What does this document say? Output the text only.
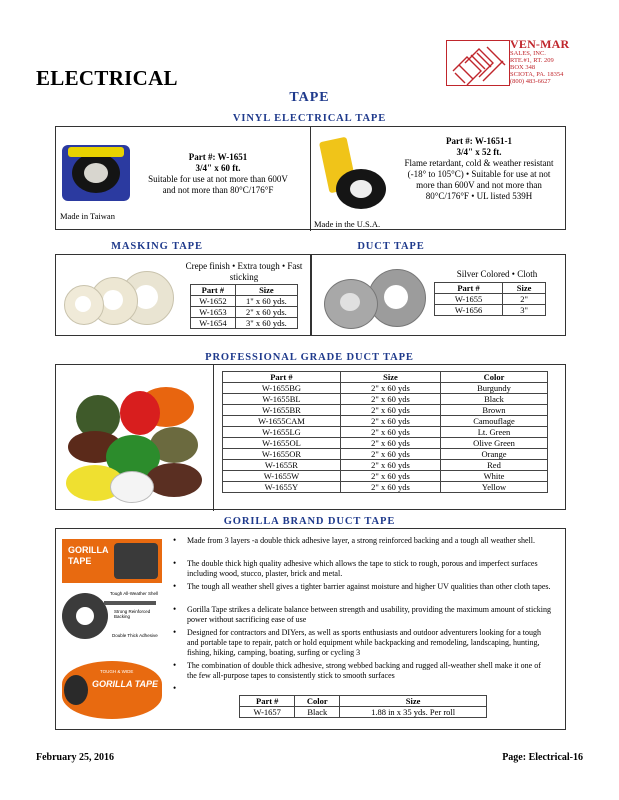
VEN-MAR
SALES, INC.
RTE.#1, RT. 209
BOX 348
SCIOTA, PA. 18354
(800) 483-6627
ELECTRICAL
TAPE
VINYL ELECTRICAL TAPE
Made in Taiwan
Part #: W-1651
3/4" x 60 ft.
Suitable for use at not more than 600V and not more than 80°C/176°F
Made in the U.S.A.
Part #: W-1651-1
3/4" x 52 ft.
Flame retardant, cold & weather resistant (-18° to 105°C) • Suitable for use at not more than 600V and not more than 80°C/176°F • UL listed 539H
MASKING TAPE
Crepe finish • Extra tough • Fast sticking
Part #	Size
W-1652	1" x 60 yds.
W-1653	2" x 60 yds.
W-1654	3" x 60 yds.
DUCT TAPE
Silver Colored • Cloth
Part #	Size
W-1655	2"
W-1656	3"
PROFESSIONAL GRADE DUCT TAPE
Part #	Size	Color
W-1655BG	2" x 60 yds	Burgundy
W-1655BL	2" x 60 yds	Black
W-1655BR	2" x 60 yds	Brown
W-1655CAM	2" x 60 yds	Camouflage
W-1655LG	2" x 60 yds	Lt. Green
W-1655OL	2" x 60 yds	Olive Green
W-1655OR	2" x 60 yds	Orange
W-1655R	2" x 60 yds	Red
W-1655W	2" x 60 yds	White
W-1655Y	2" x 60 yds	Yellow
GORILLA BRAND DUCT TAPE
GORILLA
TAPE
Tough All-Weather Shell
Strong Reinforced Backing
Double Thick Adhesive
GORILLA TAPE
TOUGH & WIDE
• Made from 3 layers -a double thick adhesive layer, a strong reinforced backing and a tough all weather shell.
• The double thick high quality adhesive which allows the tape to stick to rough, porous and imperfect surfaces including wood, stucco, plaster, brick and metal.
• The tough all weather shell gives a tighter barrier against moisture and higher UV qualities than other cloth tapes.
• Gorilla Tape strikes a delicate balance between strength and usability, providing the maximum amount of sticking power without sacrificing ease of use
• Designed for contractors and DIYers, as well as sports enthusiasts and outdoor adventurers looking for a tough and portable tape to repair, patch or hold equipment while backpacking and remodeling, landscaping, hunting, fishing, hiking, camping, boating, surfing or cycling 3
• The combination of double thick adhesive, strong webbed backing and rugged all-weather shell make it one of the few all-purpose tapes to consistently stick to smooth surfaces
•
Part #	Color	Size
W-1657	Black	1.88 in x 35 yds. Per roll
February 25, 2016	Page: Electrical-16
